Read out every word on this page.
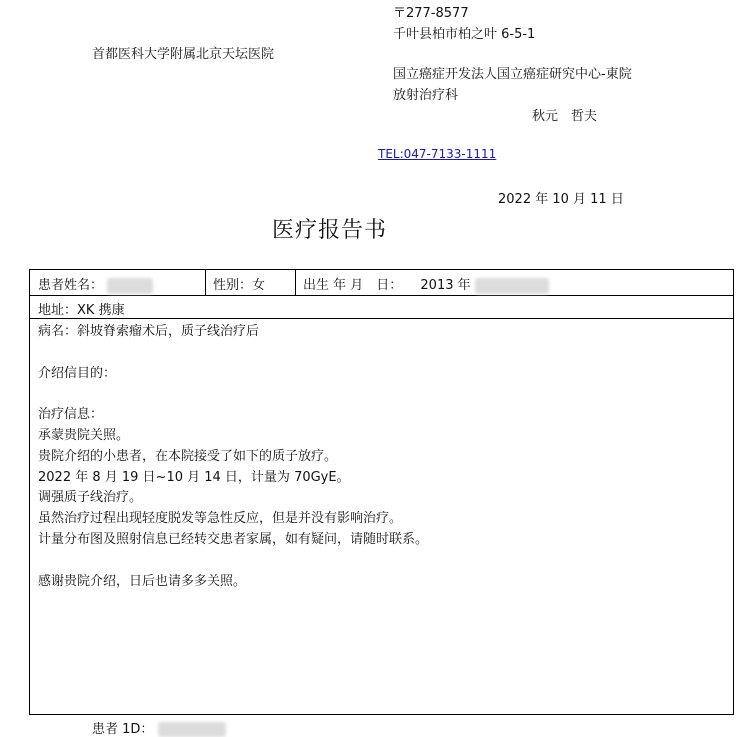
〒277-8577
千叶县柏市柏之叶 6-5-1
首都医科大学附属北京天坛医院
国立癌症开发法人国立癌症研究中心-東院
放射治疗科
秋元　哲夫
TEL:047-7133-1111
2022 年 10 月 11 日
医疗报告书
患者姓名：	性别：女	出生 年 月　日： 2013 年
地址：XK 携康
病名：斜坡脊索瘤术后，质子线治疗后
介绍信目的：
治疗信息：
承蒙贵院关照。
贵院介绍的小患者，在本院接受了如下的质子放疗。
2022 年 8 月 19 日~10 月 14 日，计量为 70GyE。
调强质子线治疗。
虽然治疗过程出现轻度脱发等急性反应，但是并没有影响治疗。
计量分布图及照射信息已经转交患者家属，如有疑问，请随时联系。
感谢贵院介绍，日后也请多多关照。
患者 1D：
